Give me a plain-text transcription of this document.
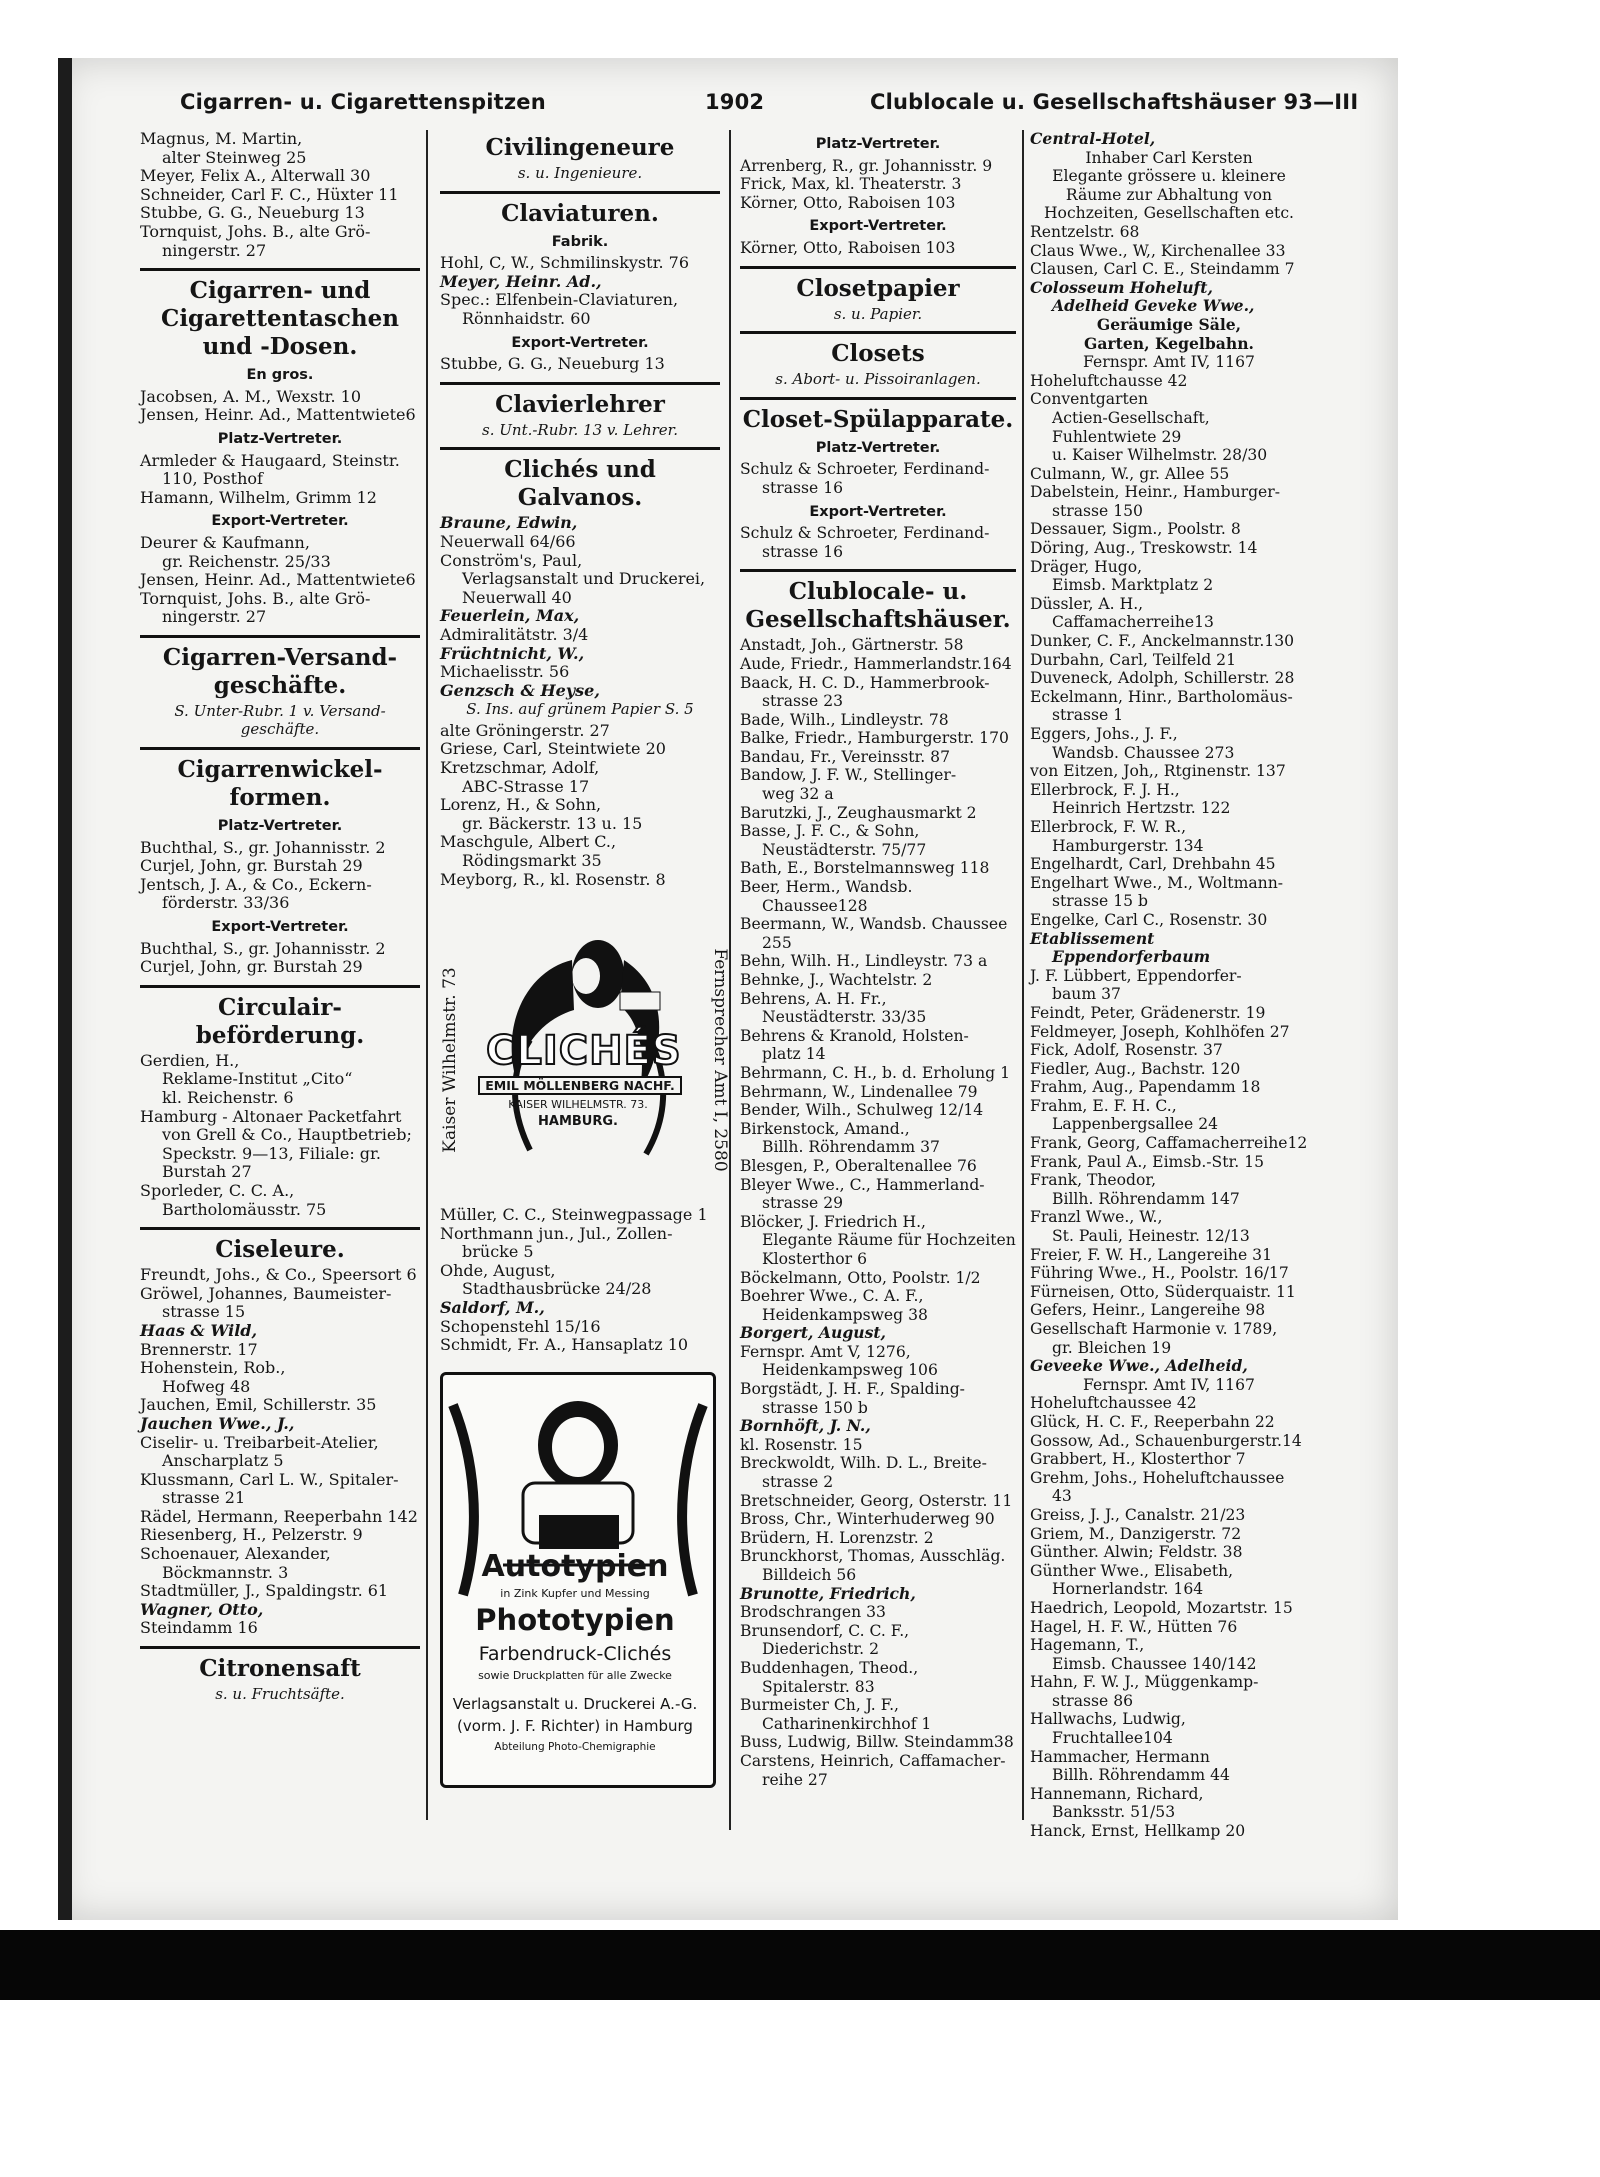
Cigarren- u. Cigarettenspitzen	1902	Clublocale u. Gesellschaftshäuser 93—III
Magnus, M. Martin,
alter Steinweg 25
Meyer, Felix A., Alterwall 30
Schneider, Carl F. C., Hüxter 11
Stubbe, G. G., Neueburg 13
Tornquist, Johs. B., alte Grö-
ningerstr. 27
Cigarren- und
Cigarettentaschen
und -Dosen.
En gros.
Jacobsen, A. M., Wexstr. 10
Jensen, Heinr. Ad., Mattentwiete6
Platz-Vertreter.
Armleder & Haugaard, Steinstr.
110, Posthof
Hamann, Wilhelm, Grimm 12
Export-Vertreter.
Deurer & Kaufmann,
gr. Reichenstr. 25/33
Jensen, Heinr. Ad., Mattentwiete6
Tornquist, Johs. B., alte Grö-
ningerstr. 27
Cigarren-Versand-
geschäfte.
S. Unter-Rubr. 1 v. Versand- geschäfte.
Cigarrenwickel-
formen.
Platz-Vertreter.
Buchthal, S., gr. Johannisstr. 2
Curjel, John, gr. Burstah 29
Jentsch, J. A., & Co., Eckern-
förderstr. 33/36
Export-Vertreter.
Buchthal, S., gr. Johannisstr. 2
Curjel, John, gr. Burstah 29
Circulair-
beförderung.
Gerdien, H.,
Reklame-Institut „Cito“
kl. Reichenstr. 6
Hamburg - Altonaer Packetfahrt
von Grell & Co., Hauptbetrieb;
Speckstr. 9—13, Filiale: gr.
Burstah 27
Sporleder, C. C. A.,
Bartholomäusstr. 75
Ciseleure.
Freundt, Johs., & Co., Speersort 6
Gröwel, Johannes, Baumeister-
strasse 15
Haas & Wild,
Brennerstr. 17
Hohenstein, Rob.,
Hofweg 48
Jauchen, Emil, Schillerstr. 35
Jauchen Wwe., J.,
Ciselir- u. Treibarbeit-Atelier,
Anscharplatz 5
Klussmann, Carl L. W., Spitaler-
strasse 21
Rädel, Hermann, Reeperbahn 142
Riesenberg, H., Pelzerstr. 9
Schoenauer, Alexander,
Böckmannstr. 3
Stadtmüller, J., Spaldingstr. 61
Wagner, Otto,
Steindamm 16
Citronensaft
s. u. Fruchtsäfte.
Civilingeneure
s. u. Ingenieure.
Claviaturen.
Fabrik.
Hohl, C, W., Schmilinskystr. 76
Meyer, Heinr. Ad.,
Spec.: Elfenbein-Claviaturen,
Rönnhaidstr. 60
Export-Vertreter.
Stubbe, G. G., Neueburg 13
Clavierlehrer
s. Unt.-Rubr. 13 v. Lehrer.
Clichés und Galvanos.
Braune, Edwin,
Neuerwall 64/66
Conström's, Paul,
Verlagsanstalt und Druckerei,
Neuerwall 40
Feuerlein, Max,
Admiralitätstr. 3/4
Früchtnicht, W.,
Michaelisstr. 56
Genzsch & Heyse,
S. Ins. auf grünem Papier S. 5
alte Gröningerstr. 27
Griese, Carl, Steintwiete 20
Kretzschmar, Adolf,
ABC-Strasse 17
Lorenz, H., & Sohn,
gr. Bäckerstr. 13 u. 15
Maschgule, Albert C.,
Rödingsmarkt 35
Meyborg, R., kl. Rosenstr. 8
Platz-Vertreter.
Arrenberg, R., gr. Johannisstr. 9
Frick, Max, kl. Theaterstr. 3
Körner, Otto, Raboisen 103
Export-Vertreter.
Körner, Otto, Raboisen 103
Closetpapier
s. u. Papier.
Closets
s. Abort- u. Pissoiranlagen.
Closet-Spülapparate.
Platz-Vertreter.
Schulz & Schroeter, Ferdinand-
strasse 16
Export-Vertreter.
Schulz & Schroeter, Ferdinand-
strasse 16
Clublocale- u.
Gesellschaftshäuser.
Anstadt, Joh., Gärtnerstr. 58
Aude, Friedr., Hammerlandstr.164
Baack, H. C. D., Hammerbrook-
strasse 23
Bade, Wilh., Lindleystr. 78
Balke, Friedr., Hamburgerstr. 170
Bandau, Fr., Vereinsstr. 87
Bandow, J. F. W., Stellinger-
weg 32 a
Barutzki, J., Zeughausmarkt 2
Basse, J. F. C., & Sohn,
Neustädterstr. 75/77
Bath, E., Borstelmannsweg 118
Beer, Herm., Wandsb. Chaussee128
Beermann, W., Wandsb. Chaussee
255
Behn, Wilh. H., Lindleystr. 73 a
Behnke, J., Wachtelstr. 2
Behrens, A. H. Fr.,
Neustädterstr. 33/35
Behrens & Kranold, Holsten-
platz 14
Behrmann, C. H., b. d. Erholung 1
Behrmann, W., Lindenallee 79
Bender, Wilh., Schulweg 12/14
Birkenstock, Amand.,
Billh. Röhrendamm 37
Blesgen, P., Oberaltenallee 76
Bleyer Wwe., C., Hammerland-
strasse 29
Blöcker, J. Friedrich H.,
Elegante Räume für Hochzeiten
Klosterthor 6
Böckelmann, Otto, Poolstr. 1/2
Boehrer Wwe., C. A. F.,
Heidenkampsweg 38
Borgert, August,
Fernspr. Amt V, 1276,
Heidenkampsweg 106
Borgstädt, J. H. F., Spalding-
strasse 150 b
Bornhöft, J. N.,
kl. Rosenstr. 15
Breckwoldt, Wilh. D. L., Breite-
strasse 2
Bretschneider, Georg, Osterstr. 11
Bross, Chr., Winterhuderweg 90
Brüdern, H. Lorenzstr. 2
Brunckhorst, Thomas, Ausschläg.
Billdeich 56
Brunotte, Friedrich,
Brodschrangen 33
Brunsendorf, C. C. F.,
Diederichstr. 2
Buddenhagen, Theod.,
Spitalerstr. 83
Burmeister Ch, J. F.,
Catharinenkirchhof 1
Buss, Ludwig, Billw. Steindamm38
Carstens, Heinrich, Caffamacher-
reihe 27
Central-Hotel,
Inhaber Carl Kersten
Elegante grössere u. kleinere
Räume zur Abhaltung von
Hochzeiten, Gesellschaften etc.
Rentzelstr. 68
Claus Wwe., W,, Kirchenallee 33
Clausen, Carl C. E., Steindamm 7
Colosseum Hoheluft,
Adelheid Geveke Wwe.,
Geräumige Säle,
Garten, Kegelbahn.
Fernspr. Amt IV, 1167
Hoheluftchausse 42
Conventgarten
Actien-Gesellschaft,
Fuhlentwiete 29
u. Kaiser Wilhelmstr. 28/30
Culmann, W., gr. Allee 55
Dabelstein, Heinr., Hamburger-
strasse 150
Dessauer, Sigm., Poolstr. 8
Döring, Aug., Treskowstr. 14
Dräger, Hugo,
Eimsb. Marktplatz 2
Düssler, A. H., Caffamacherreihe13
Dunker, C. F., Anckelmannstr.130
Durbahn, Carl, Teilfeld 21
Duveneck, Adolph, Schillerstr. 28
Eckelmann, Hinr., Bartholomäus-
strasse 1
Eggers, Johs., J. F.,
Wandsb. Chaussee 273
von Eitzen, Joh,, Rtginenstr. 137
Ellerbrock, F. J. H.,
Heinrich Hertzstr. 122
Ellerbrock, F. W. R.,
Hamburgerstr. 134
Engelhardt, Carl, Drehbahn 45
Engelhart Wwe., M., Woltmann-
strasse 15 b
Engelke, Carl C., Rosenstr. 30
Etablissement
Eppendorferbaum
J. F. Lübbert, Eppendorfer-
baum 37
Feindt, Peter, Grädenerstr. 19
Feldmeyer, Joseph, Kohlhöfen 27
Fick, Adolf, Rosenstr. 37
Fiedler, Aug., Bachstr. 120
Frahm, Aug., Papendamm 18
Frahm, E. F. H. C.,
Lappenbergsallee 24
Frank, Georg, Caffamacherreihe12
Frank, Paul A., Eimsb.-Str. 15
Frank, Theodor,
Billh. Röhrendamm 147
Franzl Wwe., W.,
St. Pauli, Heinestr. 12/13
Freier, F. W. H., Langereihe 31
Führing Wwe., H., Poolstr. 16/17
Fürneisen, Otto, Süderquaistr. 11
Gefers, Heinr., Langereihe 98
Gesellschaft Harmonie v. 1789,
gr. Bleichen 19
Geveeke Wwe., Adelheid,
Fernspr. Amt IV, 1167
Hoheluftchaussee 42
Glück, H. C. F., Reeperbahn 22
Gossow, Ad., Schauenburgerstr.14
Grabbert, H., Klosterthor 7
Grehm, Johs., Hoheluftchaussee 43
Greiss, J. J., Canalstr. 21/23
Griem, M., Danzigerstr. 72
Günther. Alwin; Feldstr. 38
Günther Wwe., Elisabeth,
Hornerlandstr. 164
Haedrich, Leopold, Mozartstr. 15
Hagel, H. F. W., Hütten 76
Hagemann, T.,
Eimsb. Chaussee 140/142
Hahn, F. W. J., Müggenkamp-
strasse 86
Hallwachs, Ludwig, Fruchtallee104
Hammacher, Hermann
Billh. Röhrendamm 44
Hannemann, Richard,
Banksstr. 51/53
Hanck, Ernst, Hellkamp 20
Kaiser Wilhelmstr. 73	Fernsprecher Amt I, 2580
CLICHÉS
EMIL MÖLLENBERG NACHF.
KAISER WILHELMSTR. 73.
HAMBURG.
Müller, C. C., Steinwegpassage 1
Northmann jun., Jul., Zollen-
brücke 5
Ohde, August,
Stadthausbrücke 24/28
Saldorf, M.,
Schopenstehl 15/16
Schmidt, Fr. A., Hansaplatz 10
Autotypien
in Zink Kupfer und Messing
Phototypien
Farbendruck-Clichés
sowie Druckplatten für alle Zwecke
Verlagsanstalt u. Druckerei A.-G.
(vorm. J. F. Richter) in Hamburg
Abteilung Photo-Chemigraphie
